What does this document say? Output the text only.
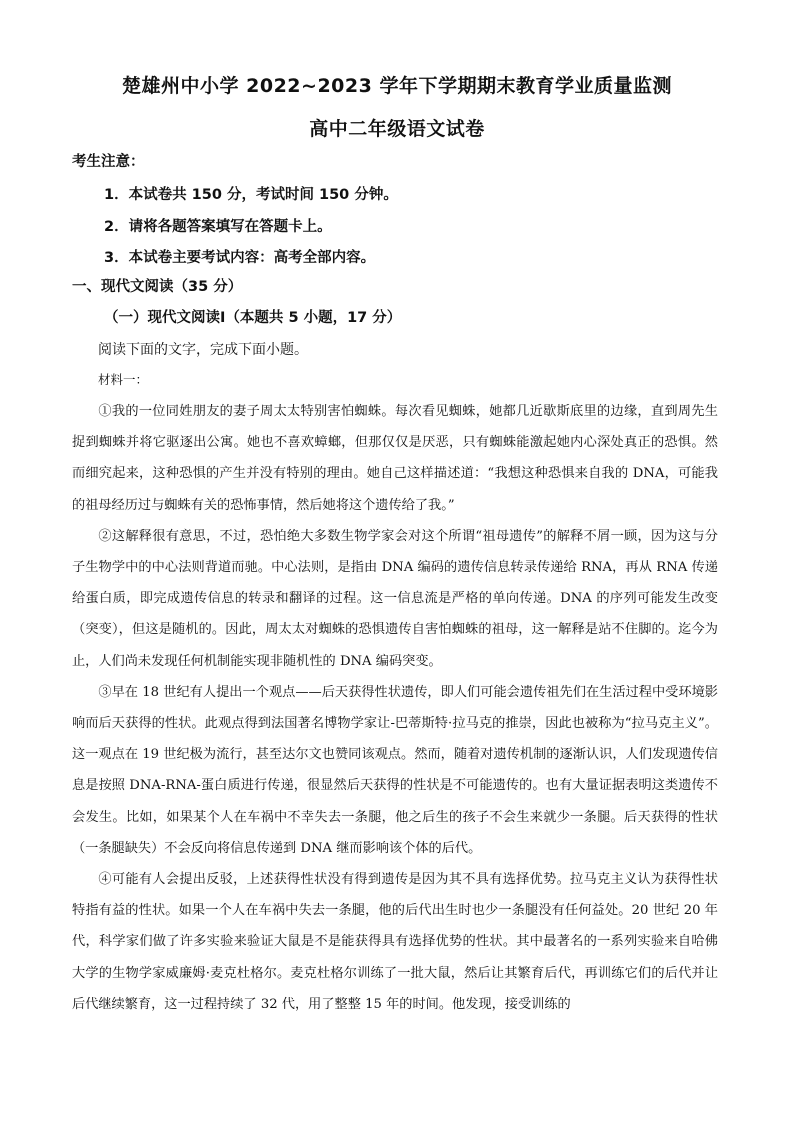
楚雄州中小学 2022~2023 学年下学期期末教育学业质量监测
高中二年级语文试卷
考生注意：
1．本试卷共 150 分，考试时间 150 分钟。
2．请将各题答案填写在答题卡上。
3．本试卷主要考试内容：高考全部内容。
一、现代文阅读（35 分）
（一）现代文阅读Ⅰ（本题共 5 小题，17 分）
阅读下面的文字，完成下面小题。
材料一：

①我的一位同姓朋友的妻子周太太特别害怕蜘蛛。每次看见蜘蛛，她都几近歇斯底里的边缘，直到周先生捉到蜘蛛并将它驱逐出公寓。她也不喜欢蟑螂，但那仅仅是厌恶，只有蜘蛛能激起她内心深处真正的恐惧。然而细究起来，这种恐惧的产生并没有特别的理由。她自己这样描述道：“我想这种恐惧来自我的 DNA，可能我的祖母经历过与蜘蛛有关的恐怖事情，然后她将这个遗传给了我。”

②这解释很有意思，不过，恐怕绝大多数生物学家会对这个所谓“祖母遗传”的解释不屑一顾，因为这与分子生物学中的中心法则背道而驰。中心法则，是指由 DNA 编码的遗传信息转录传递给 RNA，再从 RNA 传递给蛋白质，即完成遗传信息的转录和翻译的过程。这一信息流是严格的单向传递。DNA 的序列可能发生改变（突变），但这是随机的。因此，周太太对蜘蛛的恐惧遗传自害怕蜘蛛的祖母，这一解释是站不住脚的。迄今为止，人们尚未发现任何机制能实现非随机性的 DNA 编码突变。

③早在 18 世纪有人提出一个观点——后天获得性状遗传，即人们可能会遗传祖先们在生活过程中受环境影响而后天获得的性状。此观点得到法国著名博物学家让-巴蒂斯特·拉马克的推崇，因此也被称为“拉马克主义”。这一观点在 19 世纪极为流行，甚至达尔文也赞同该观点。然而，随着对遗传机制的逐渐认识，人们发现遗传信息是按照 DNA-RNA-蛋白质进行传递，很显然后天获得的性状是不可能遗传的。也有大量证据表明这类遗传不会发生。比如，如果某个人在车祸中不幸失去一条腿，他之后生的孩子不会生来就少一条腿。后天获得的性状（一条腿缺失）不会反向将信息传递到 DNA 继而影响该个体的后代。

④可能有人会提出反驳，上述获得性状没有得到遗传是因为其不具有选择优势。拉马克主义认为获得性状特指有益的性状。如果一个人在车祸中失去一条腿，他的后代出生时也少一条腿没有任何益处。20 世纪 20 年代，科学家们做了许多实验来验证大鼠是不是能获得具有选择优势的性状。其中最著名的一系列实验来自哈佛大学的生物学家威廉姆·麦克杜格尔。麦克杜格尔训练了一批大鼠，然后让其繁育后代，再训练它们的后代并让后代继续繁育，这一过程持续了 32 代，用了整整 15 年的时间。他发现，接受训练的
